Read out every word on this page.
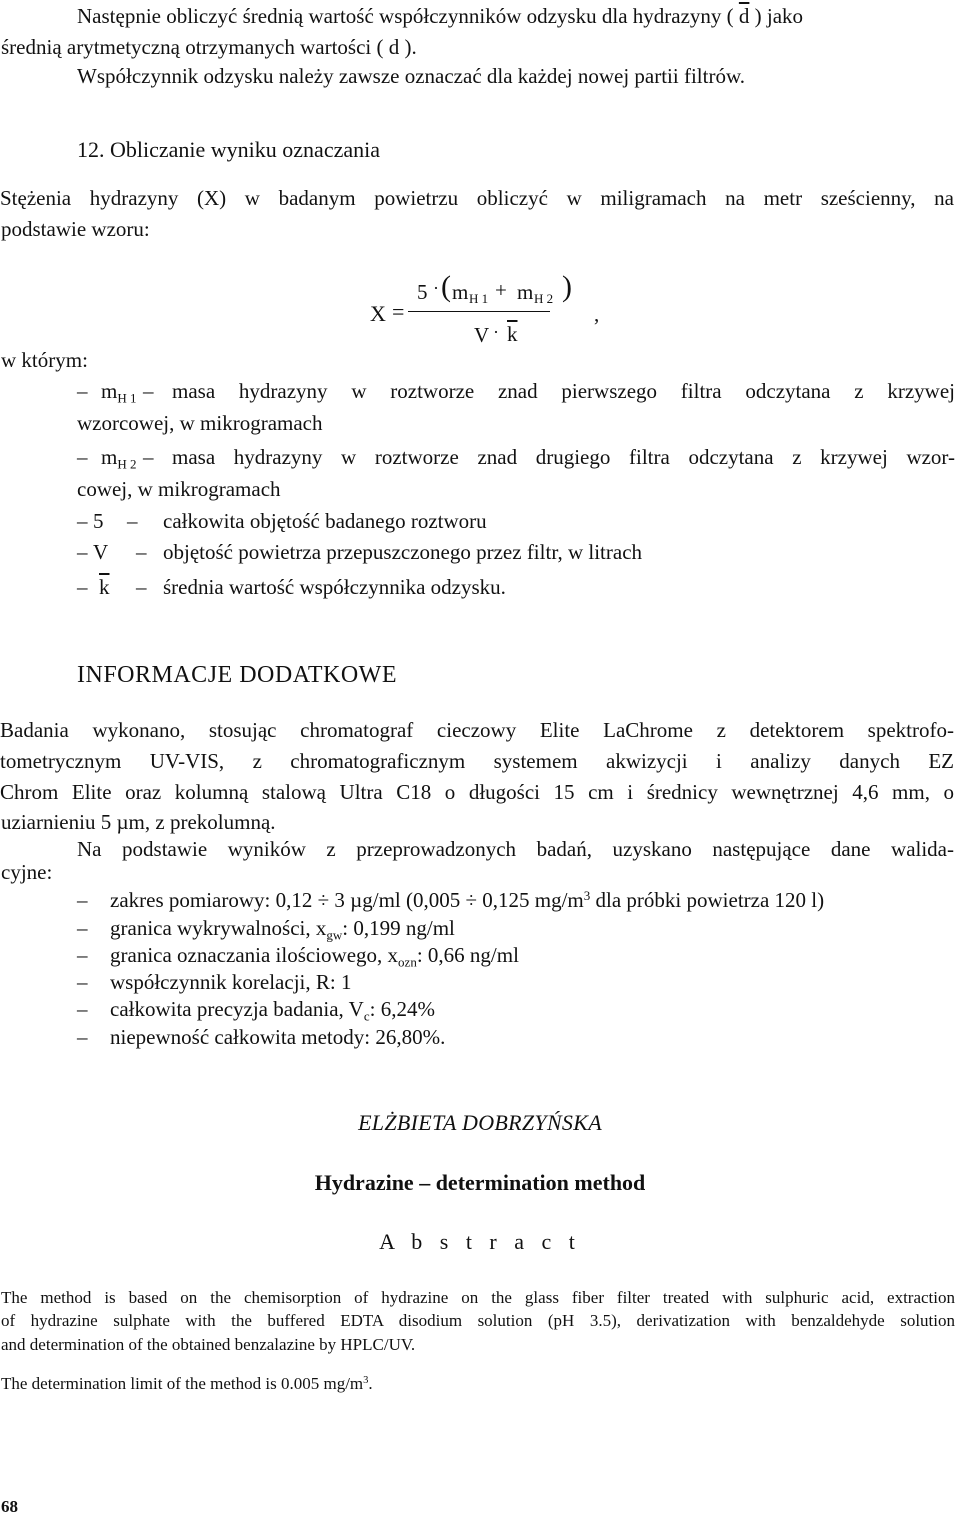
Następnie obliczyć średnią wartość współczynników odzysku dla hydrazyny ( $\overline{d}$ ) jako
średnią arytmetyczną otrzymanych wartości ( d ).
Współczynnik odzysku należy zawsze oznaczać dla każdej nowej partii filtrów.
12. Obliczanie wyniku oznaczania
Stężenia hydrazyny (X) w badanym powietrzu obliczyć w miligramach na metr sześcienny, na
podstawie wzoru:
X =
5 · ( m H 1 + m H 2 )
$V \cdot \overline{k}$
,
w którym:
– $m_{H 1}$ – masa hydrazyny w roztworze znad pierwszego filtra odczytana z krzywej
wzorcowej, w mikrogramach
– $m_{H 2}$ – masa hydrazyny w roztworze znad drugiego filtra odczytana z krzywej wzor-
cowej, w mikrogramach
– 5 – całkowita objętość badanego roztworu
– V – objętość powietrza przepuszczonego przez filtr, w litrach
– $\overline{k}$ – średnia wartość współczynnika odzysku.
INFORMACJE DODATKOWE
Badania wykonano, stosując chromatograf cieczowy Elite LaChrome z detektorem spektrofo-
tometrycznym UV-VIS, z chromatograficznym systemem akwizycji i analizy danych EZ
Chrom Elite oraz kolumną stalową Ultra C18 o długości 15 cm i średnicy wewnętrznej 4,6 mm, o
uziarnieniu 5 µm, z prekolumną.
Na podstawie wyników z przeprowadzonych badań, uzyskano następujące dane walida-
cyjne:
– zakres pomiarowy: 0,12 ÷ 3 µg/ml (0,005 ÷ 0,125 $mg/m^3$ dla próbki powietrza 120 l)
– granica wykrywalności, $x_{gw}$: 0,199 ng/ml
– granica oznaczania ilościowego, $x_{ozn}$: 0,66 ng/ml
– współczynnik korelacji, R: 1
– całkowita precyzja badania, $V_c$: 6,24%
– niepewność całkowita metody: 26,80%.
ELŻBIETA DOBRZYŃSKA
Hydrazine – determination method
A b s t r a c t
The method is based on the chemisorption of hydrazine on the glass fiber filter treated with sulphuric acid, extraction
of hydrazine sulphate with the buffered EDTA disodium solution (pH 3.5), derivatization with benzaldehyde solution
and determination of the obtained benzalazine by HPLC/UV.
The determination limit of the method is 0.005 $mg/m^3$.
68
